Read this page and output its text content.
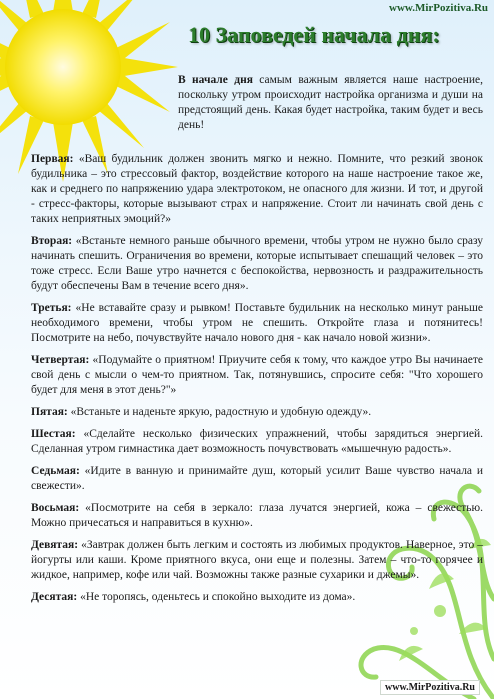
www.MirPozitiva.Ru
10 Заповедей начала дня:
В начале дня самым важным является наше настроение, поскольку утром происходит настройка организма и души на предстоящий день. Какая будет настройка, таким будет и весь день!

Первая: «Ваш будильник должен звонить мягко и нежно. Помните, что резкий звонок будильника – это стрессовый фактор, воздействие которого на наше настроение такое же, как и среднего по напряжению удара электротоком, не опасного для жизни. И тот, и другой - стресс-факторы, которые вызывают страх и напряжение. Стоит ли начинать свой день с таких неприятных эмоций?»

Вторая: «Встаньте немного раньше обычного времени, чтобы утром не нужно было сразу начинать спешить. Ограничения во времени, которые испытывает спешащий человек – это тоже стресс. Если Ваше утро начнется с беспокойства, нервозность и раздражительность будут обеспечены Вам в течение всего дня».

Третья: «Не вставайте сразу и рывком! Поставьте будильник на несколько минут раньше необходимого времени, чтобы утром не спешить. Откройте глаза и потянитесь! Посмотрите на небо, почувствуйте начало нового дня - как начало новой жизни».

Четвертая: «Подумайте о приятном! Приучите себя к тому, что каждое утро Вы начинаете свой день с мысли о чем-то приятном. Так, потянувшись, спросите себя: "Что хорошего будет для меня в этот день?"»

Пятая: «Встаньте и наденьте яркую, радостную и удобную одежду».

Шестая: «Сделайте несколько физических упражнений, чтобы зарядиться энергией. Сделанная утром гимнастика дает возможность почувствовать «мышечную радость».

Седьмая: «Идите в ванную и принимайте душ, который усилит Ваше чувство начала и свежести».

Восьмая: «Посмотрите на себя в зеркало: глаза лучатся энергией, кожа – свежестью. Можно причесаться и направиться в кухню».

Девятая: «Завтрак должен быть легким и состоять из любимых продуктов. Наверное, это – йогурты или каши. Кроме приятного вкуса, они еще и полезны. Затем – что-то горячее и жидкое, например, кофе или чай. Возможны также разные сухарики и джемы».

Десятая: «Не торопясь, оденьтесь и спокойно выходите из дома».

www.MirPozitiva.Ru
